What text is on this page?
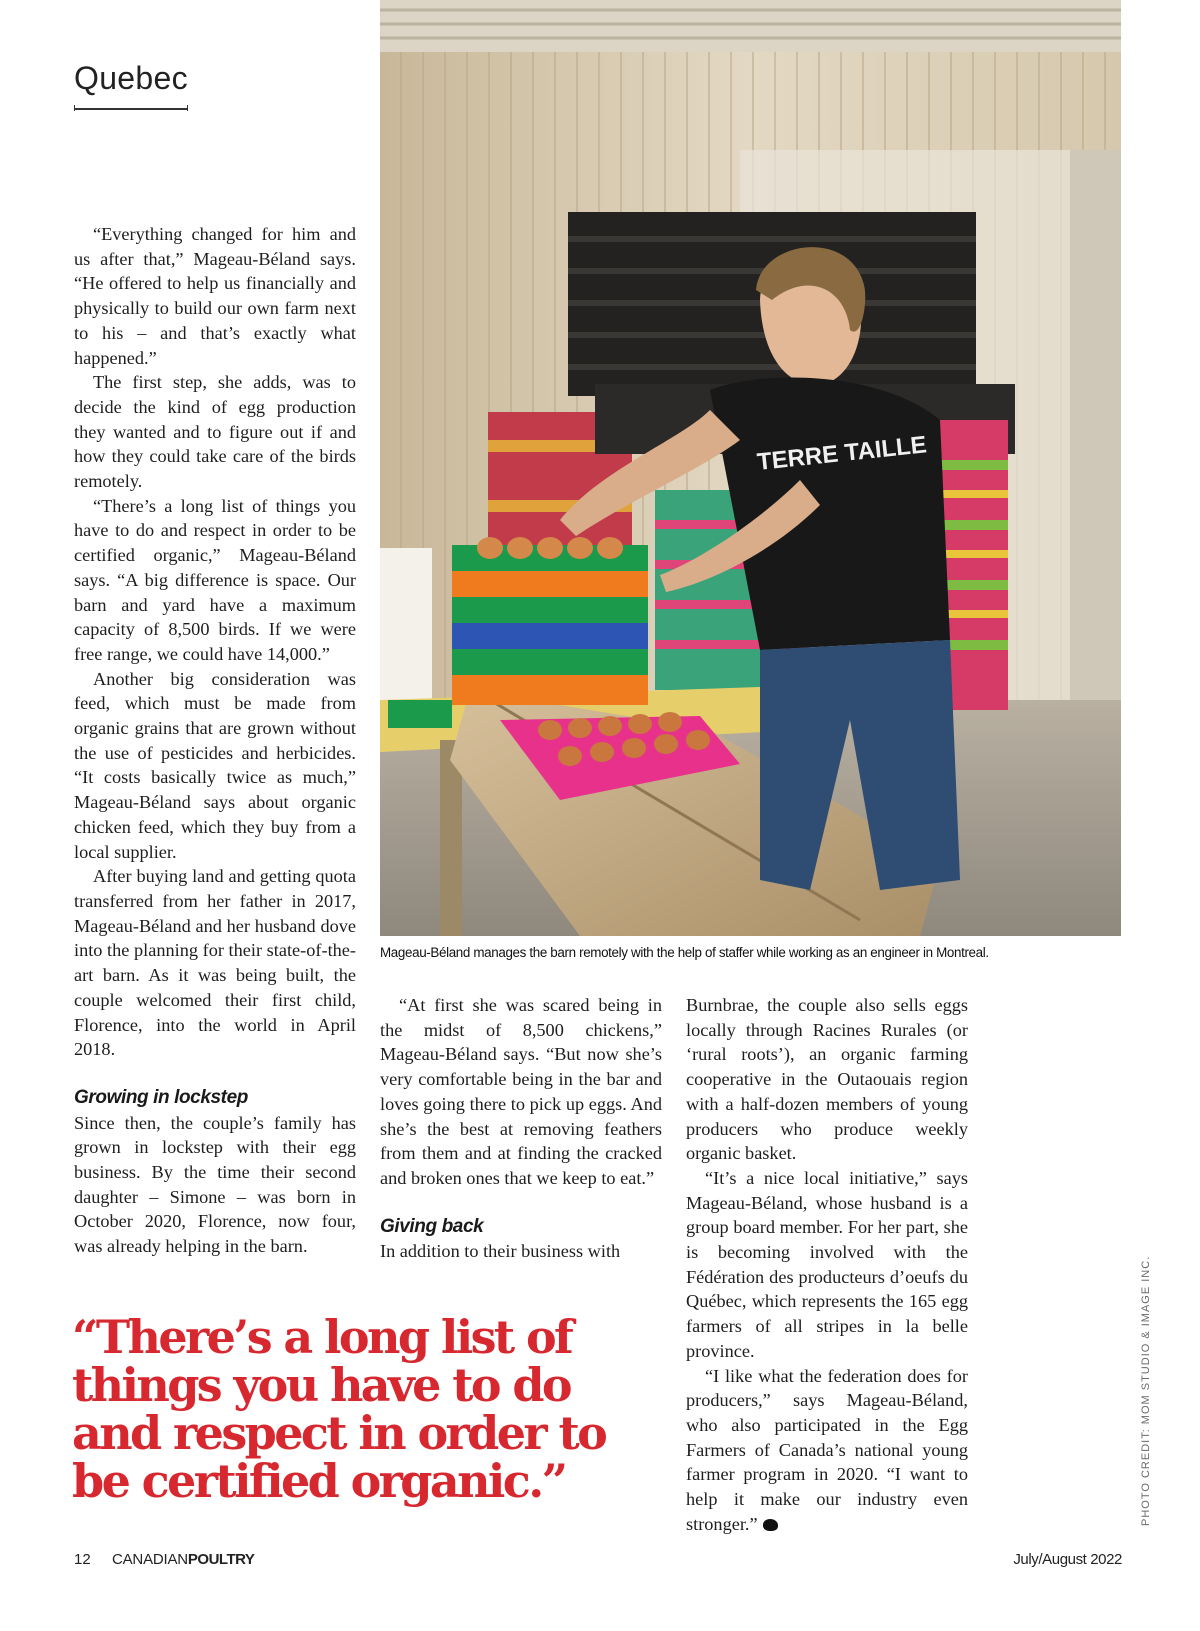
Quebec
TERRE TAILLE
Mageau-Béland manages the barn remotely with the help of staffer while working as an engineer in Montreal.

“Everything changed for him and us after that,” Mageau-Béland says. “He offered to help us financially and physically to build our own farm next to his – and that’s exactly what happened.”

The first step, she adds, was to decide the kind of egg production they wanted and to figure out if and how they could take care of the birds remotely.

“There’s a long list of things you have to do and respect in order to be certified organic,” Mageau-Béland says. “A big difference is space. Our barn and yard have a maximum capacity of 8,500 birds. If we were free range, we could have 14,000.”

Another big consideration was feed, which must be made from organic grains that are grown without the use of pesticides and herbicides. “It costs basically twice as much,” Mageau-Béland says about organic chicken feed, which they buy from a local supplier.

After buying land and getting quota transferred from her father in 2017, Mageau-Béland and her husband dove into the planning for their state-of-the-art barn. As it was being built, the couple welcomed their first child, Florence, into the world in April 2018.

Growing in lockstep

Since then, the couple’s family has grown in lockstep with their egg business. By the time their second daughter – Simone – was born in October 2020, Florence, now four, was already helping in the barn.

“At first she was scared being in the midst of 8,500 chickens,” Mageau-Béland says. “But now she’s very comfortable being in the bar and loves going there to pick up eggs. And she’s the best at removing feathers from them and at finding the cracked and broken ones that we keep to eat.”

Giving back

In addition to their business with

Burnbrae, the couple also sells eggs locally through Racines Rurales (or ‘rural roots’), an organic farming cooperative in the Outaouais region with a half-dozen members of young producers who produce weekly organic basket.

“It’s a nice local initiative,” says Mageau-Béland, whose husband is a group board member. For her part, she is becoming involved with the Fédération des producteurs d’oeufs du Québec, which represents the 165 egg farmers of all stripes in la belle province.

“I like what the federation does for producers,” says Mageau-Béland, who also participated in the Egg Farmers of Canada’s national young farmer program in 2020. “I want to help it make our industry even stronger.”

“There’s a long list of things you have to do and respect in order to be certified organic.”	PHOTO CREDIT: MOM STUDIO & IMAGE INC.
12 CANADIANPOULTRY	July/August 2022
